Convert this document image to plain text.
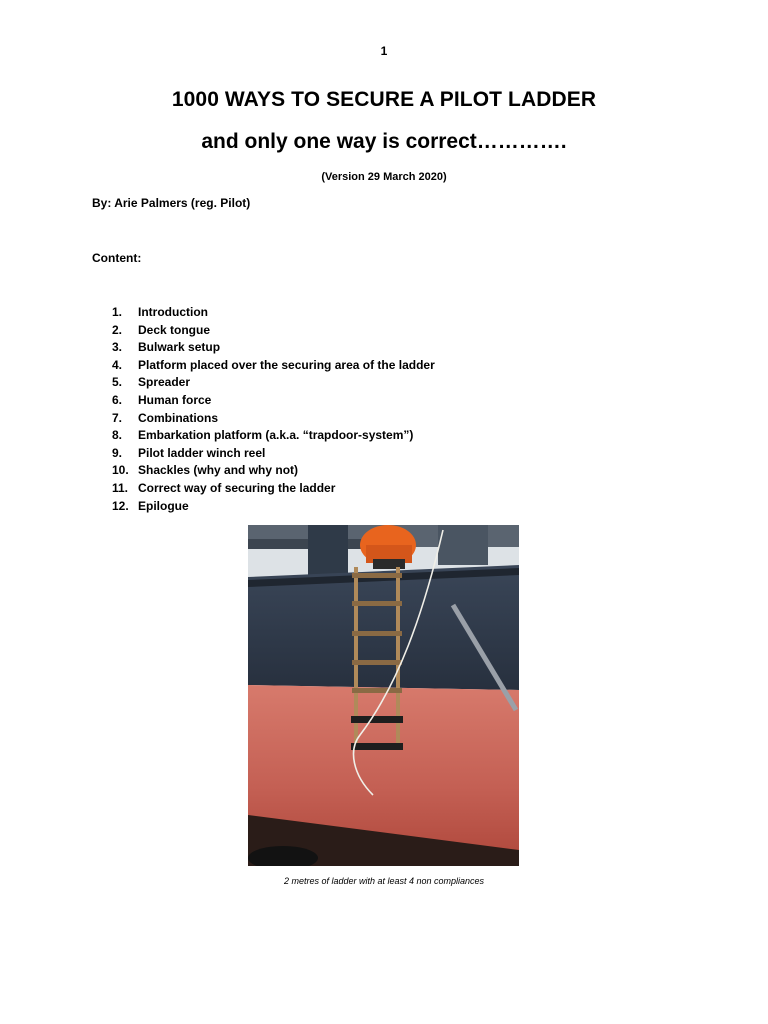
1
1000 WAYS TO SECURE A PILOT LADDER
and only one way is correct………….
(Version 29 March 2020)
By: Arie Palmers (reg. Pilot)
Content:
1.	Introduction
2.	Deck tongue
3.	Bulwark setup
4.	Platform placed over the securing area of the ladder
5.	Spreader
6.	Human force
7.	Combinations
8.	Embarkation platform (a.k.a. “trapdoor-system”)
9.	Pilot ladder winch reel
10. Shackles (why and why not)
11. Correct way of securing the ladder
12. Epilogue
2 metres of ladder with at least 4 non compliances
